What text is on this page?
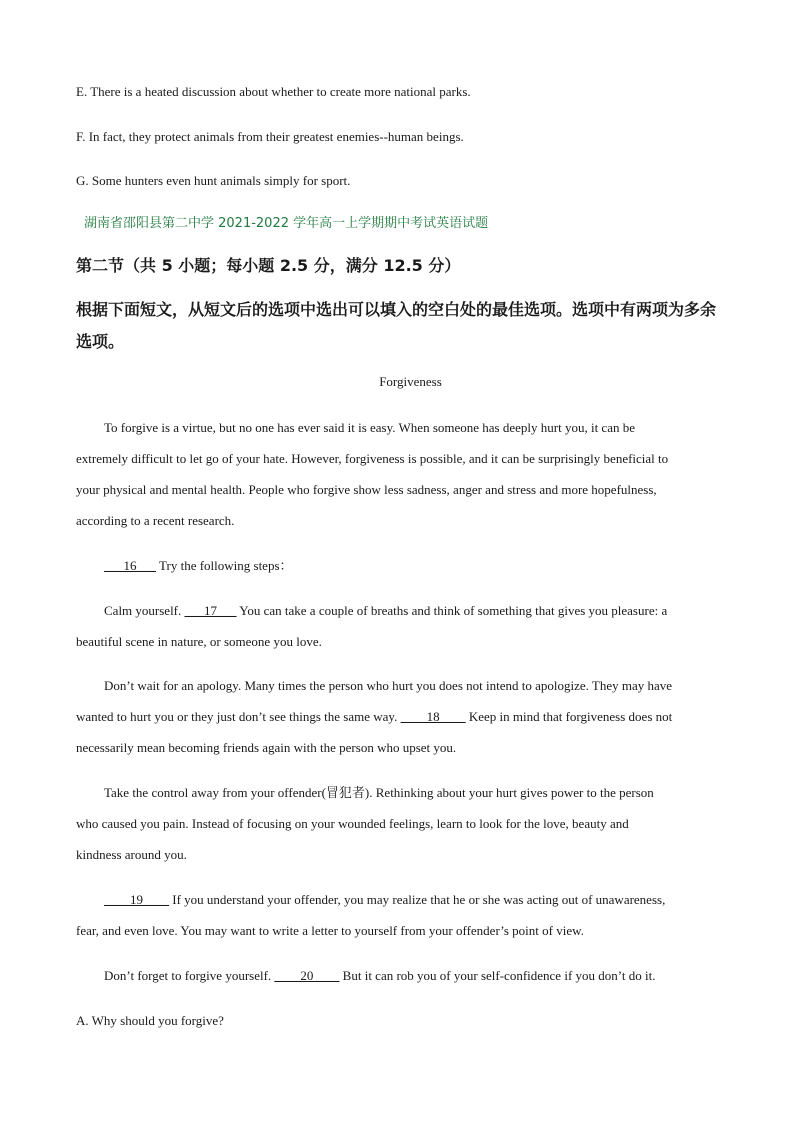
E. There is a heated discussion about whether to create more national parks.
F. In fact, they protect animals from their greatest enemies--human beings.
G. Some hunters even hunt animals simply for sport.
湖南省邵阳县第二中学 2021-2022 学年高一上学期期中考试英语试题
第二节（共 5 小题；每小题 2.5 分，满分 12.5 分）
根据下面短文，从短文后的选项中选出可以填入的空白处的最佳选项。选项中有两项为多余
选项。
Forgiveness
To forgive is a virtue, but no one has ever said it is easy. When someone has deeply hurt you, it can be
extremely difficult to let go of your hate. However, forgiveness is possible, and it can be surprisingly beneficial to
your physical and mental health. People who forgive show less sadness, anger and stress and more hopefulness,
according to a recent research.
___16___ Try the following steps：
Calm yourself. ___17___ You can take a couple of breaths and think of something that gives you pleasure: a
beautiful scene in nature, or someone you love.
Don’t wait for an apology. Many times the person who hurt you does not intend to apologize. They may have
wanted to hurt you or they just don’t see things the same way. ____18____ Keep in mind that forgiveness does not
necessarily mean becoming friends again with the person who upset you.
Take the control away from your offender(冒犯者). Rethinking about your hurt gives power to the person
who caused you pain. Instead of focusing on your wounded feelings, learn to look for the love, beauty and
kindness around you.
____19____ If you understand your offender, you may realize that he or she was acting out of unawareness,
fear, and even love. You may want to write a letter to yourself from your offender’s point of view.
Don’t forget to forgive yourself. ____20____ But it can rob you of your self-confidence if you don’t do it.
A. Why should you forgive?
